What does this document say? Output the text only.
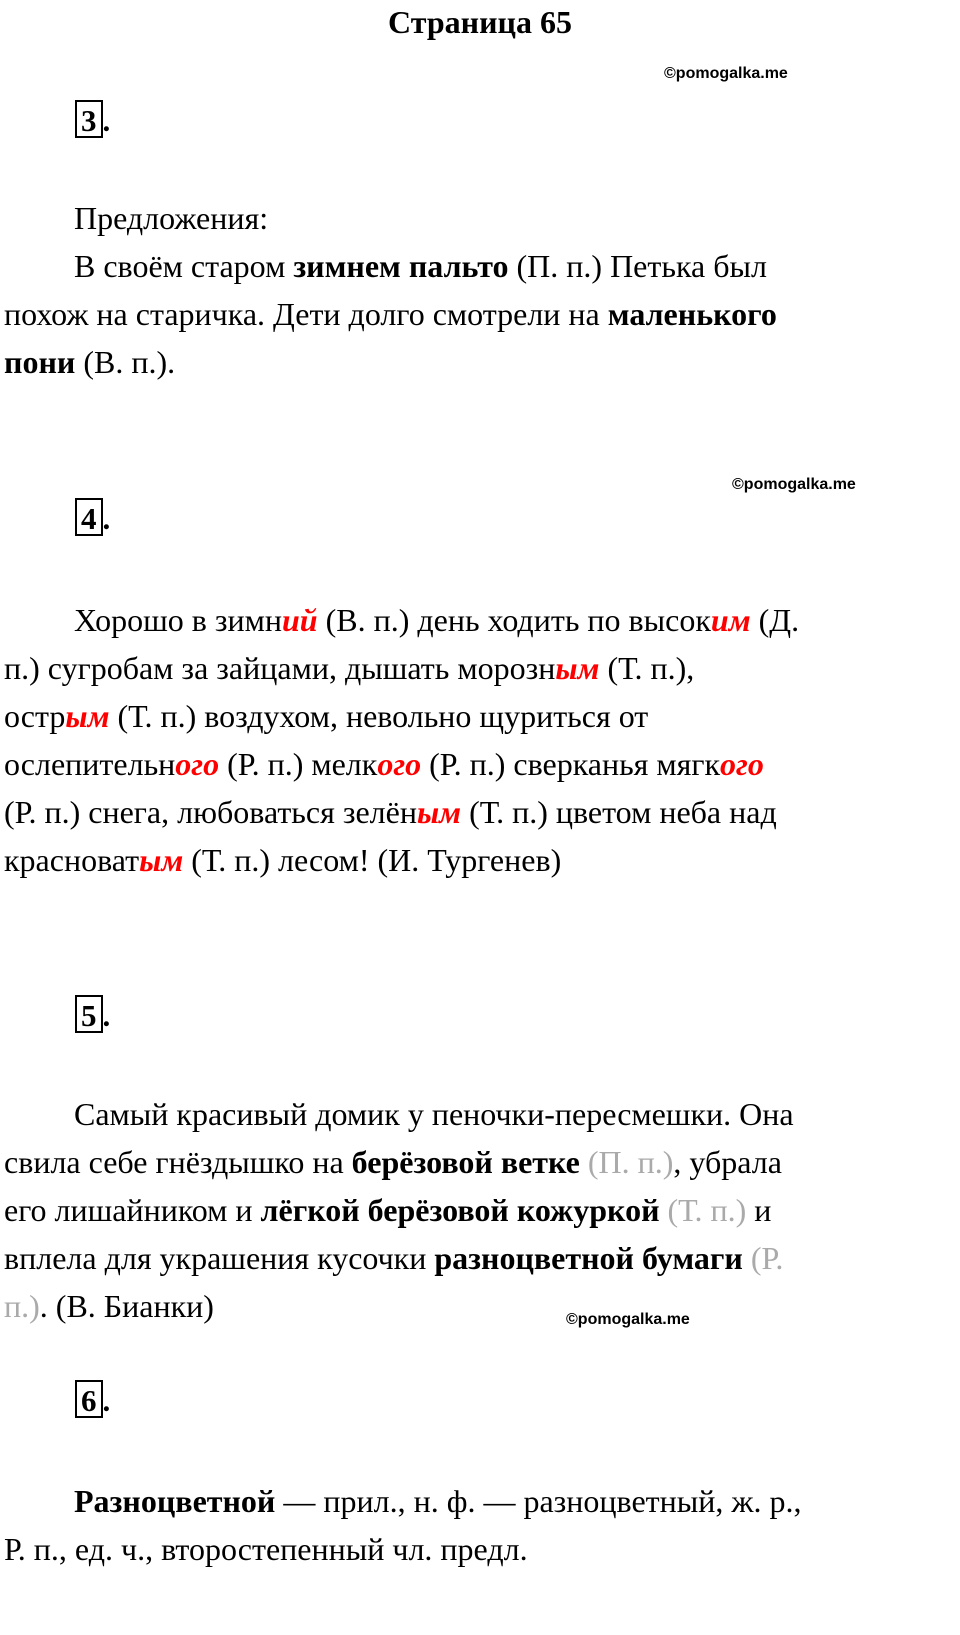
Страница 65
©pomogalka.me
3 .
Предложения:
В своём старом зимнем пальто (П. п.) Петька был
похож на старичка. Дети долго смотрели на маленького
пони (В. п.).
©pomogalka.me
4 .
Хорошо в зимний (В. п.) день ходить по высоким (Д.
п.) сугробам за зайцами, дышать морозным (Т. п.),
острым (Т. п.) воздухом, невольно щуриться от
ослепительного (Р. п.) мелкого (Р. п.) сверканья мягкого
(Р. п.) снега, любоваться зелёным (Т. п.) цветом неба над
красноватым (Т. п.) лесом! (И. Тургенев)
5 .
Самый красивый домик у пеночки-пересмешки. Она
свила себе гнёздышко на берёзовой ветке (П. п.), убрала
его лишайником и лёгкой берёзовой кожуркой (Т. п.) и
вплела для украшения кусочки разноцветной бумаги (Р.
п.). (В. Бианки)	©pomogalka.me
6 .
Разноцветной — прил., н. ф. — разноцветный, ж. р.,
Р. п., ед. ч., второстепенный чл. предл.
